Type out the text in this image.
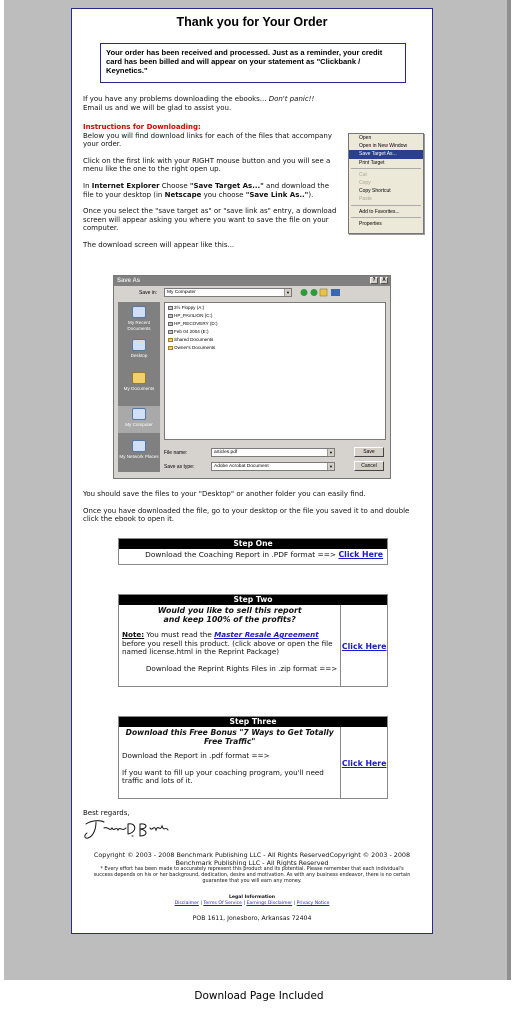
Thank you for Your Order
Your order has been received and processed. Just as a reminder, your credit card has been billed and will appear on your statement as "Clickbank / Keynetics."
If you have any problems downloading the ebooks... Don't panic!!
Email us and we will be glad to assist you.
Instructions for Downloading:
Below you will find download links for each of the files that accompany your order.
Click on the first link with your RIGHT mouse button and you will see a menu like the one to the right open up.
In Internet Explorer Choose "Save Target As..." and download the file to your desktop (in Netscape you choose "Save Link As..").
Once you select the "save target as" or "save link as" entry, a download screen will appear asking you where you want to save the file on your computer.
The download screen will appear like this...
Open
Open in New Window
Save Target As...
Print Target
Cut
Copy
Copy Shortcut
Paste
Add to Favorites...
Properties
Save As	?	X
Save in:	My Computer	▼
My Recent Documents
Desktop
My Documents
My Computer
My Network Places
3½ Floppy (A:)
HP_PAVILION (C:)
HP_RECOVERY (D:)
Feb 04 2004 (E:)
Shared Documents
Owner's Documents
File name:	articles.pdf	▼
Save as type:	Adobe Acrobat Document	▼
Save
Cancel
You should save the files to your "Desktop" or another folder you can easily find.
Once you have downloaded the file, go to your desktop or the file you saved it to and double click the ebook to open it.
Step One
Download the Coaching Report in .PDF format ==> Click Here
Step Two
Would you like to sell this report
and keep 100% of the profits?
Note: You must read the Master Resale Agreement before you resell this product. (click above or open the file named license.html in the Reprint Package)
Download the Reprint Rights Files in .zip format ==>
Click Here
Step Three
Download this Free Bonus "7 Ways to Get Totally Free Traffic"
Download the Report in .pdf format ==>
If you want to fill up your coaching program, you'll need traffic and lots of it.
Click Here
Best regards,
Copyright © 2003 - 2008 Benchmark Publishing LLC - All Rights ReservedCopyright © 2003 - 2008 Benchmark Publishing LLC - All Rights Reserved
* Every effort has been made to accurately represent this product and its potential. Please remember that each individual's success depends on his or her background, dedication, desire and motivation. As with any business endeavor, there is no certain guarantee that you will earn any money.
Legal Information
Disclaimer | Terms Of Service | Earnings Disclaimer | Privacy Notice
POB 1611, Jonesboro, Arkansas 72404
Download Page Included
